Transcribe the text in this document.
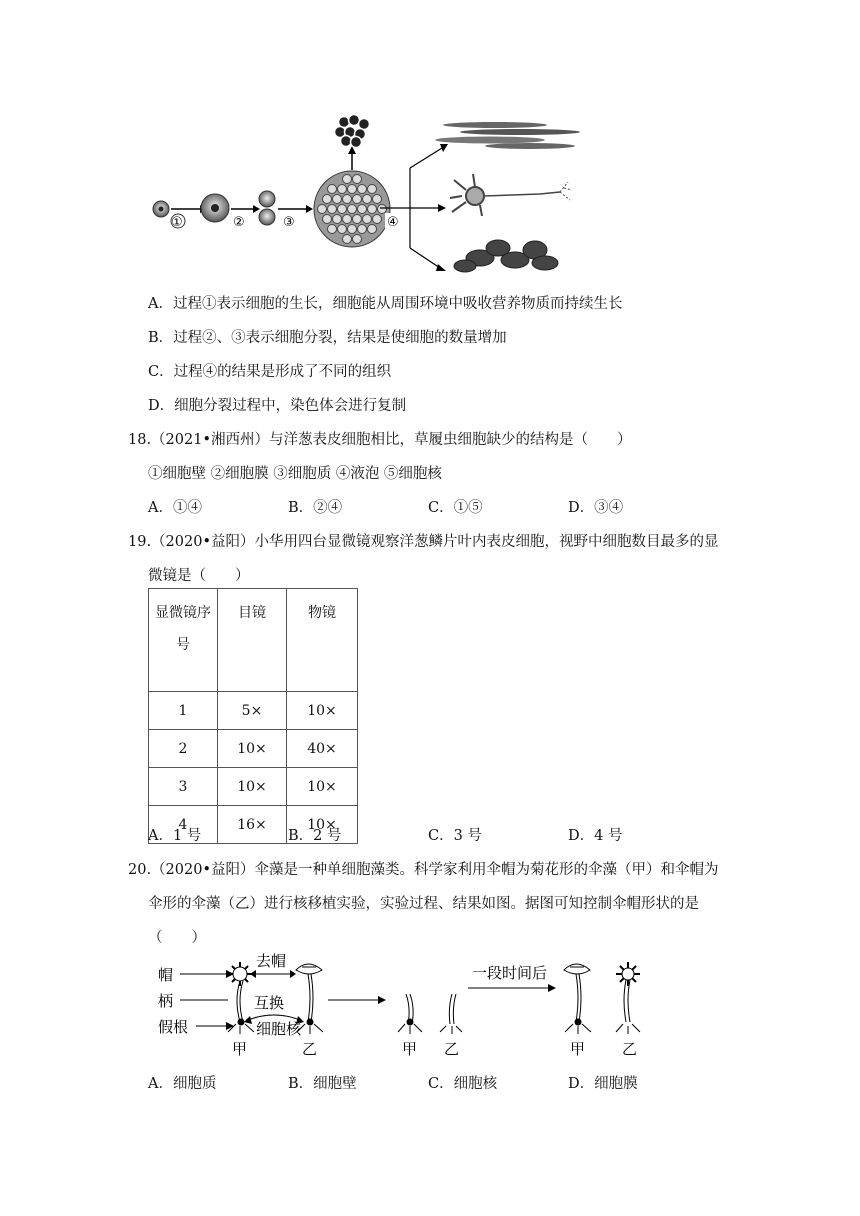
①	②	③	④
A．过程①表示细胞的生长，细胞能从周围环境中吸收营养物质而持续生长
B．过程②、③表示细胞分裂，结果是使细胞的数量增加
C．过程④的结果是形成了不同的组织
D．细胞分裂过程中，染色体会进行复制
18.（2021•湘西州）与洋葱表皮细胞相比，草履虫细胞缺少的结构是（　　）
①细胞壁 ②细胞膜 ③细胞质 ④液泡 ⑤细胞核
A．①④	B．②④	C．①⑤	D．③④
19.（2020•益阳）小华用四台显微镜观察洋葱鳞片叶内表皮细胞，视野中细胞数目最多的显
微镜是（　　）
显微镜序号	目镜	物镜
1	5×	10×
2	10×	40×
3	10×	10×
4	16×	10×
A．1 号	B．2 号	C．3 号	D．4 号
20.（2020•益阳）伞藻是一种单细胞藻类。科学家利用伞帽为菊花形的伞藻（甲）和伞帽为
伞形的伞藻（乙）进行核移植实验，实验过程、结果如图。据图可知控制伞帽形状的是
（　　）
帽
柄
假根
甲
去帽
互换
细胞核
乙	甲 乙
一段时间后
甲 乙
A．细胞质	B．细胞壁	C．细胞核	D．细胞膜
